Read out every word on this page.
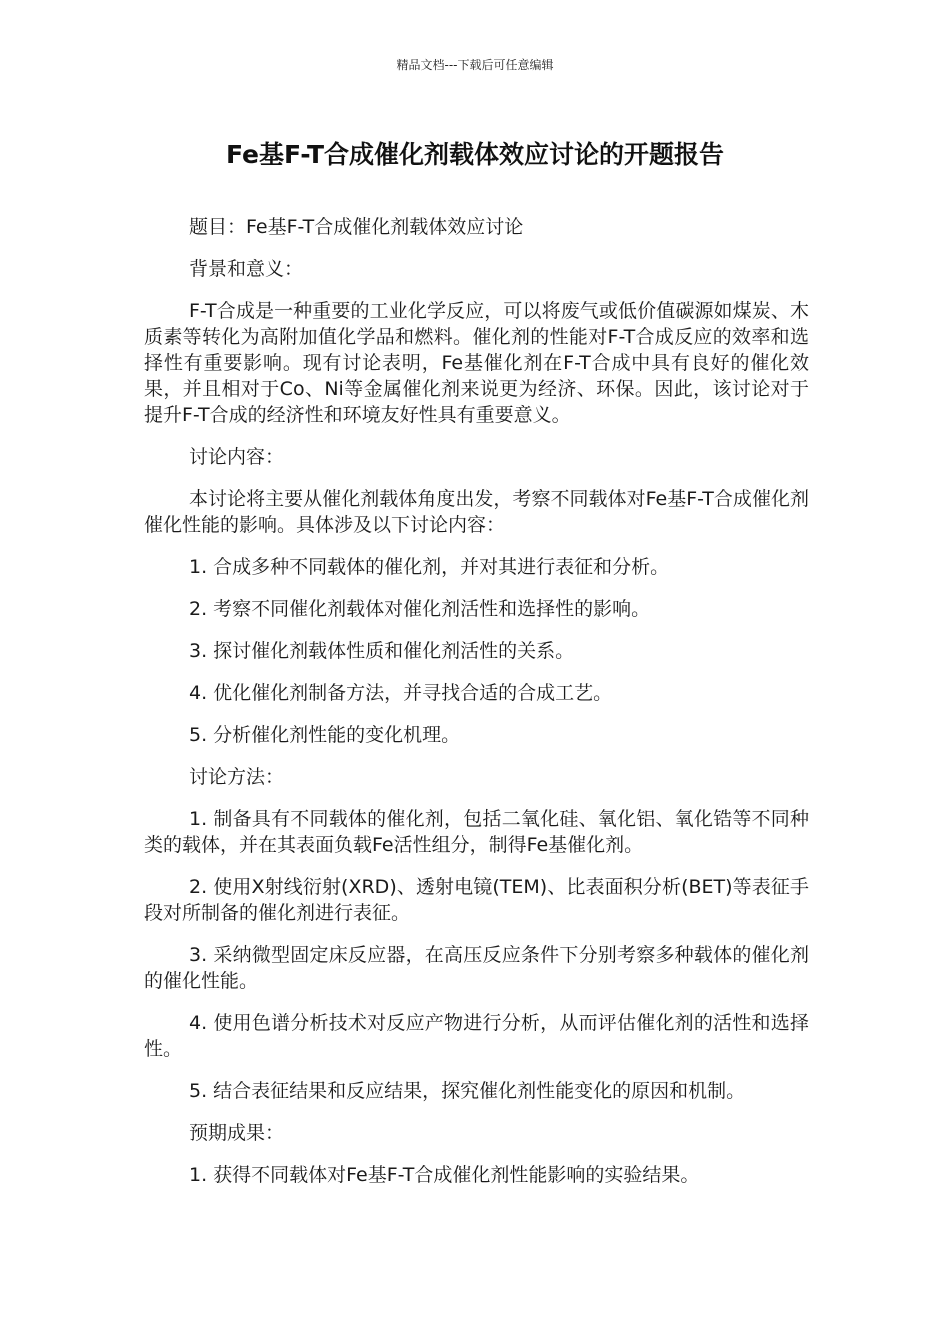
精品文档---下载后可任意编辑
Fe基F-T合成催化剂载体效应讨论的开题报告

题目：Fe基F-T合成催化剂载体效应讨论

背景和意义：

F-T合成是一种重要的工业化学反应，可以将废气或低价值碳源如煤炭、木质素等转化为高附加值化学品和燃料。催化剂的性能对F-T合成反应的效率和选择性有重要影响。现有讨论表明，Fe基催化剂在F-T合成中具有良好的催化效果，并且相对于Co、Ni等金属催化剂来说更为经济、环保。因此，该讨论对于提升F-T合成的经济性和环境友好性具有重要意义。

讨论内容：

本讨论将主要从催化剂载体角度出发，考察不同载体对Fe基F-T合成催化剂催化性能的影响。具体涉及以下讨论内容：

1. 合成多种不同载体的催化剂，并对其进行表征和分析。

2. 考察不同催化剂载体对催化剂活性和选择性的影响。

3. 探讨催化剂载体性质和催化剂活性的关系。

4. 优化催化剂制备方法，并寻找合适的合成工艺。

5. 分析催化剂性能的变化机理。

讨论方法：

1. 制备具有不同载体的催化剂，包括二氧化硅、氧化铝、氧化锆等不同种类的载体，并在其表面负载Fe活性组分，制得Fe基催化剂。

2. 使用X射线衍射(XRD)、透射电镜(TEM)、比表面积分析(BET)等表征手段对所制备的催化剂进行表征。

3. 采纳微型固定床反应器，在高压反应条件下分别考察多种载体的催化剂的催化性能。

4. 使用色谱分析技术对反应产物进行分析，从而评估催化剂的活性和选择性。

5. 结合表征结果和反应结果，探究催化剂性能变化的原因和机制。

预期成果：

1. 获得不同载体对Fe基F-T合成催化剂性能影响的实验结果。
